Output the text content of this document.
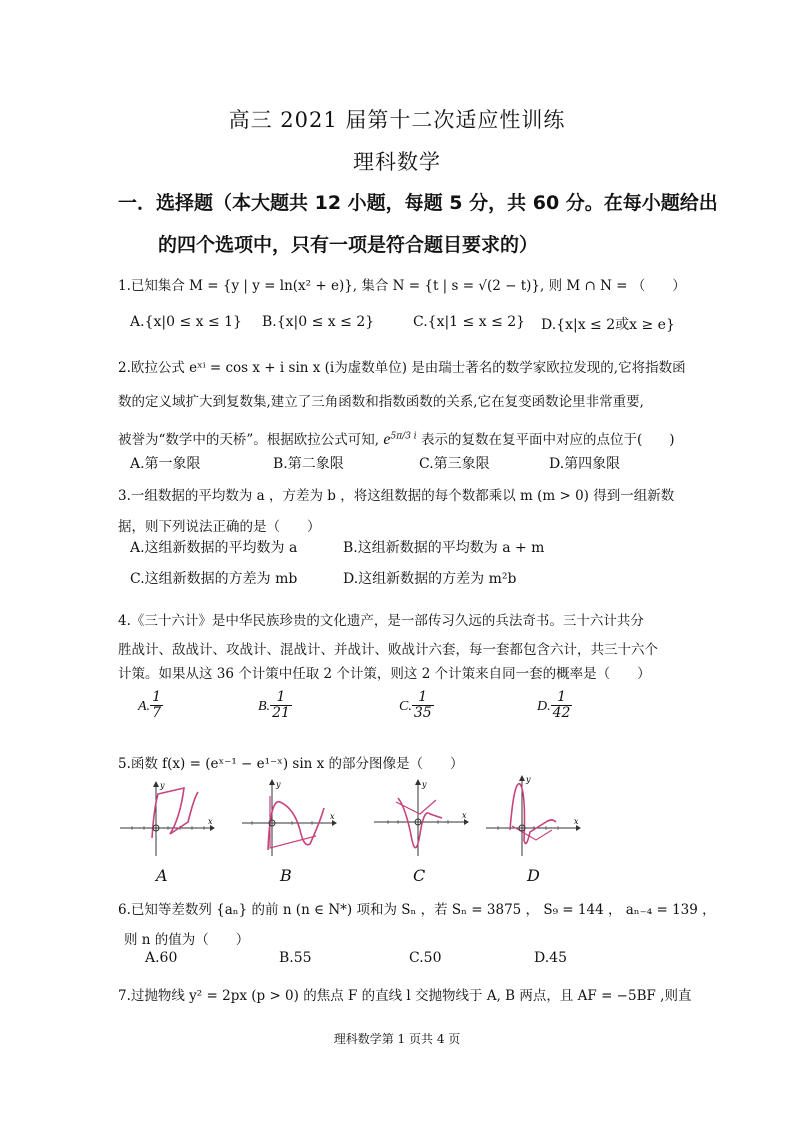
高三 2021 届第十二次适应性训练
理科数学
一．选择题（本大题共 12 小题，每题 5 分，共 60 分。在每小题给出
的四个选项中，只有一项是符合题目要求的）
1.已知集合 M = {y | y = ln(x² + e)}, 集合 N = {t | s = √(2 − t)}, 则 M ∩ N = （　　）
A.{x|0 ≤ x ≤ 1} B.{x|0 ≤ x ≤ 2}	C.{x|1 ≤ x ≤ 2} D.{x|x ≤ 2或x ≥ e}
2.欧拉公式 eˣⁱ = cos x + i sin x (i为虚数单位) 是由瑞士著名的数学家欧拉发现的,它将指数函
数的定义域扩大到复数集,建立了三角函数和指数函数的关系,它在复变函数论里非常重要,
被誉为“数学中的天桥”。根据欧拉公式可知, $e^{5\pi/3 i}$ 表示的复数在复平面中对应的点位于(　　)
A.第一象限	B.第二象限	C.第三象限	D.第四象限
3.一组数据的平均数为 a ，方差为 b ，将这组数据的每个数都乘以 m (m > 0) 得到一组新数
据，则下列说法正确的是（　　）
A.这组新数据的平均数为 a	B.这组新数据的平均数为 a + m
C.这组新数据的方差为 mb	D.这组新数据的方差为 m²b
4.《三十六计》是中华民族珍贵的文化遗产，是一部传习久远的兵法奇书。三十六计共分
胜战计、敌战计、攻战计、混战计、并战计、败战计六套，每一套都包含六计，共三十六个
计策。如果从这 36 个计策中任取 2 个计策，则这 2 个计策来自同一套的概率是（　　）
A. $\frac{1}{7}$	B. $\frac{1}{21}$	C. $\frac{1}{35}$	D. $\frac{1}{42}$
5.函数 f(x) = (eˣ⁻¹ − e¹⁻ˣ) sin x 的部分图像是（　　）
x
y
A
x
y
B
x
y
C
x
y
D
6.已知等差数列 {aₙ} 的前 n (n ∈ N*) 项和为 Sₙ ，若 Sₙ = 3875 ， S₉ = 144 ， aₙ₋₄ = 139 ，
则 n 的值为（　　）
A.60	B.55	C.50	D.45
7.过抛物线 y² = 2px (p > 0) 的焦点 F 的直线 l 交抛物线于 A, B 两点，且 AF = −5BF ,则直
理科数学第 1 页共 4 页
